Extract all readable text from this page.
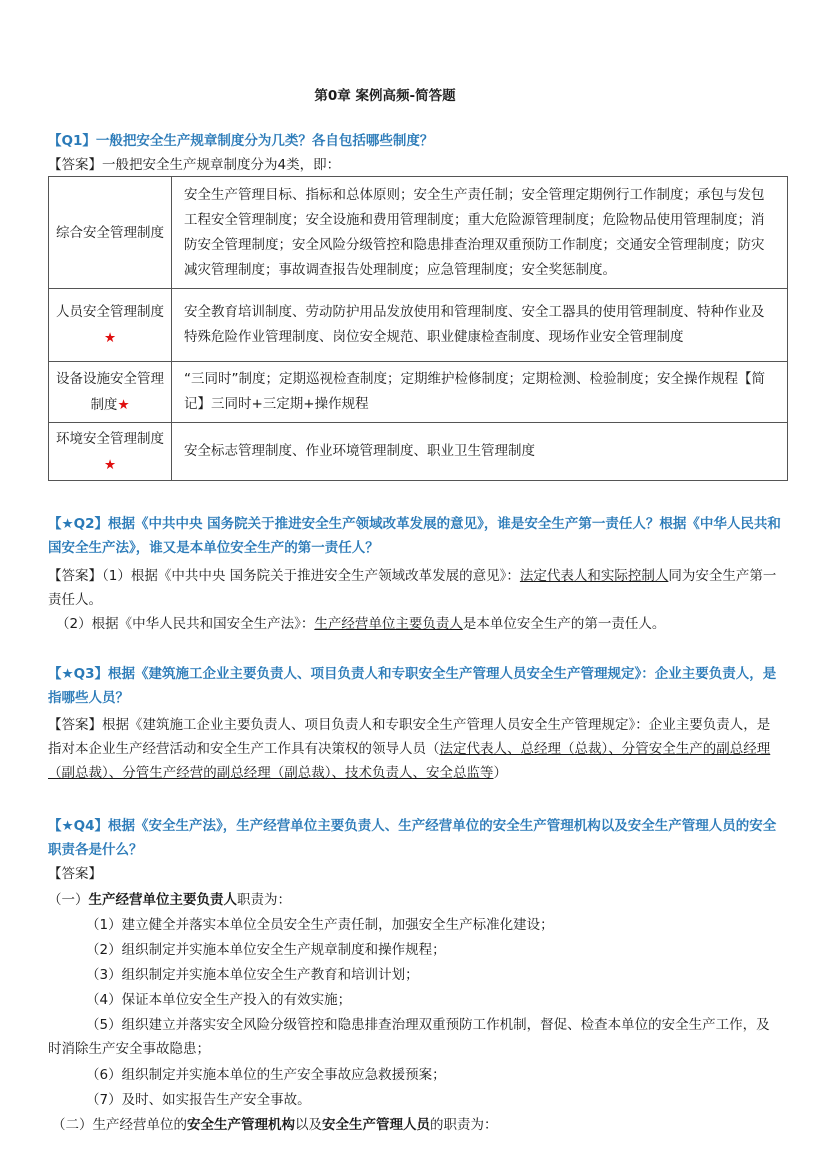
第0章 案例高频-简答题
【Q1】一般把安全生产规章制度分为几类？各自包括哪些制度？
【答案】一般把安全生产规章制度分为4类，即：
综合安全管理制度	安全生产管理目标、指标和总体原则；安全生产责任制；安全管理定期例行工作制度；承包与发包工程安全管理制度；安全设施和费用管理制度；重大危险源管理制度；危险物品使用管理制度；消防安全管理制度；安全风险分级管控和隐患排查治理双重预防工作制度；交通安全管理制度；防灾减灾管理制度；事故调查报告处理制度；应急管理制度；安全奖惩制度。
人员安全管理制度★	安全教育培训制度、劳动防护用品发放使用和管理制度、安全工器具的使用管理制度、特种作业及特殊危险作业管理制度、岗位安全规范、职业健康检查制度、现场作业安全管理制度
设备设施安全管理制度★	“三同时”制度；定期巡视检查制度；定期维护检修制度；定期检测、检验制度；安全操作规程【简记】三同时+三定期+操作规程
环境安全管理制度★	安全标志管理制度、作业环境管理制度、职业卫生管理制度
【★Q2】根据《中共中央 国务院关于推进安全生产领域改革发展的意见》，谁是安全生产第一责任人？根据《中华人民共和国安全生产法》，谁又是本单位安全生产的第一责任人？
【答案】（1）根据《中共中央 国务院关于推进安全生产领域改革发展的意见》：法定代表人和实际控制人同为安全生产第一责任人。
（2）根据《中华人民共和国安全生产法》：生产经营单位主要负责人是本单位安全生产的第一责任人。
【★Q3】根据《建筑施工企业主要负责人、项目负责人和专职安全生产管理人员安全生产管理规定》：企业主要负责人，是指哪些人员？
【答案】根据《建筑施工企业主要负责人、项目负责人和专职安全生产管理人员安全生产管理规定》：企业主要负责人，是指对本企业生产经营活动和安全生产工作具有决策权的领导人员（法定代表人、总经理（总裁）、分管安全生产的副总经理（副总裁）、分管生产经营的副总经理（副总裁）、技术负责人、安全总监等）
【★Q4】根据《安全生产法》，生产经营单位主要负责人、生产经营单位的安全生产管理机构以及安全生产管理人员的安全职责各是什么？
【答案】
（一）生产经营单位主要负责人职责为：
（1）建立健全并落实本单位全员安全生产责任制，加强安全生产标准化建设；
（2）组织制定并实施本单位安全生产规章制度和操作规程；
（3）组织制定并实施本单位安全生产教育和培训计划；
（4）保证本单位安全生产投入的有效实施；
（5）组织建立并落实安全风险分级管控和隐患排查治理双重预防工作机制，督促、检查本单位的安全生产工作，及时消除生产安全事故隐患；
（6）组织制定并实施本单位的生产安全事故应急救援预案；
（7）及时、如实报告生产安全事故。
（二）生产经营单位的安全生产管理机构以及安全生产管理人员的职责为：
